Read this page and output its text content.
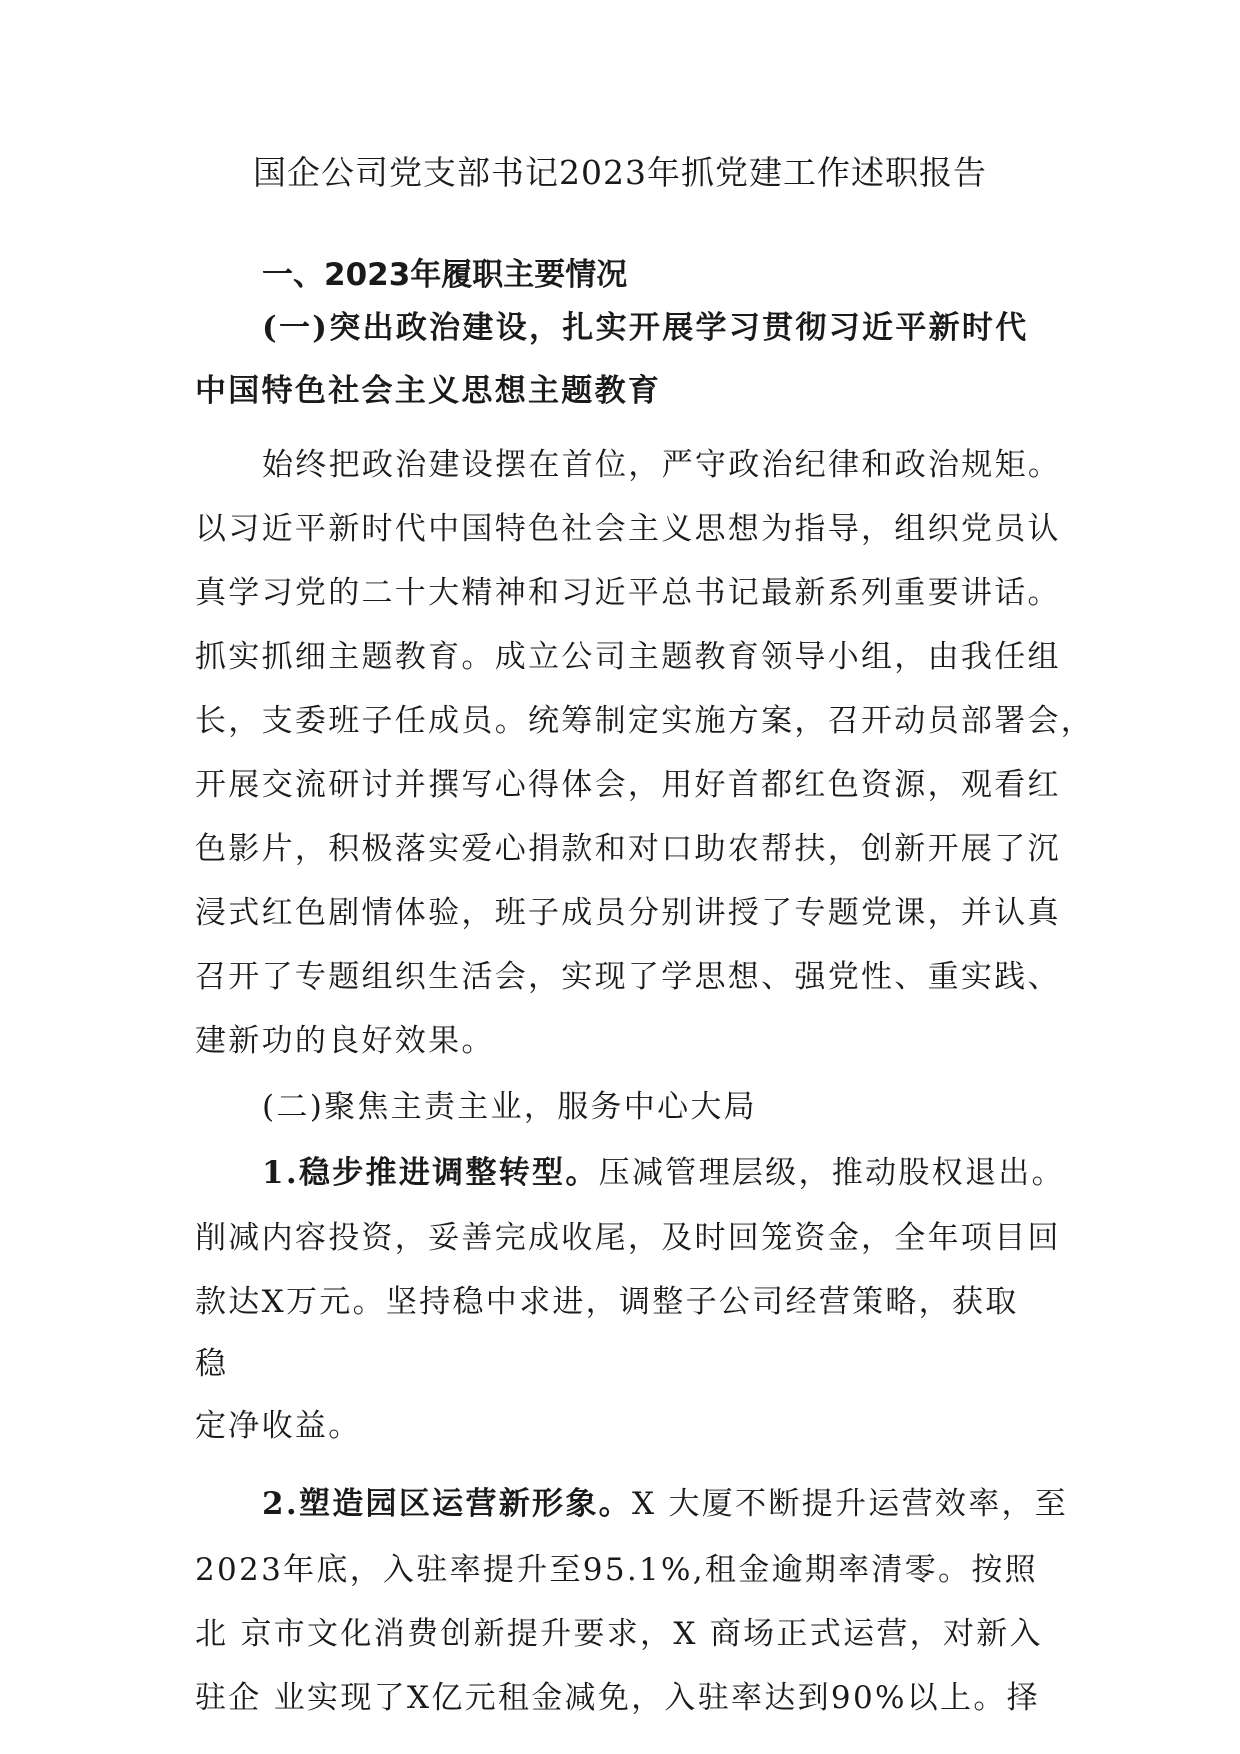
国企公司党支部书记2023年抓党建工作述职报告
一、2023年履职主要情况
(一)突出政治建设，扎实开展学习贯彻习近平新时代
中国特色社会主义思想主题教育
始终把政治建设摆在首位，严守政治纪律和政治规矩。
以习近平新时代中国特色社会主义思想为指导，组织党员认
真学习党的二十大精神和习近平总书记最新系列重要讲话。
抓实抓细主题教育。成立公司主题教育领导小组，由我任组
长，支委班子任成员。统筹制定实施方案，召开动员部署会，
开展交流研讨并撰写心得体会，用好首都红色资源，观看红
色影片，积极落实爱心捐款和对口助农帮扶，创新开展了沉
浸式红色剧情体验，班子成员分别讲授了专题党课，并认真
召开了专题组织生活会，实现了学思想、强党性、重实践、
建新功的良好效果。
(二)聚焦主责主业，服务中心大局
1.稳步推进调整转型。压减管理层级，推动股权退出。
削减内容投资，妥善完成收尾，及时回笼资金，全年项目回
款达X万元。坚持稳中求进，调整子公司经营策略，获取
稳
定净收益。
2.塑造园区运营新形象。X 大厦不断提升运营效率，至
2023年底，入驻率提升至95.1%,租金逾期率清零。按照
北 京市文化消费创新提升要求，X 商场正式运营，对新入
驻企 业实现了X亿元租金减免，入驻率达到90%以上。择
